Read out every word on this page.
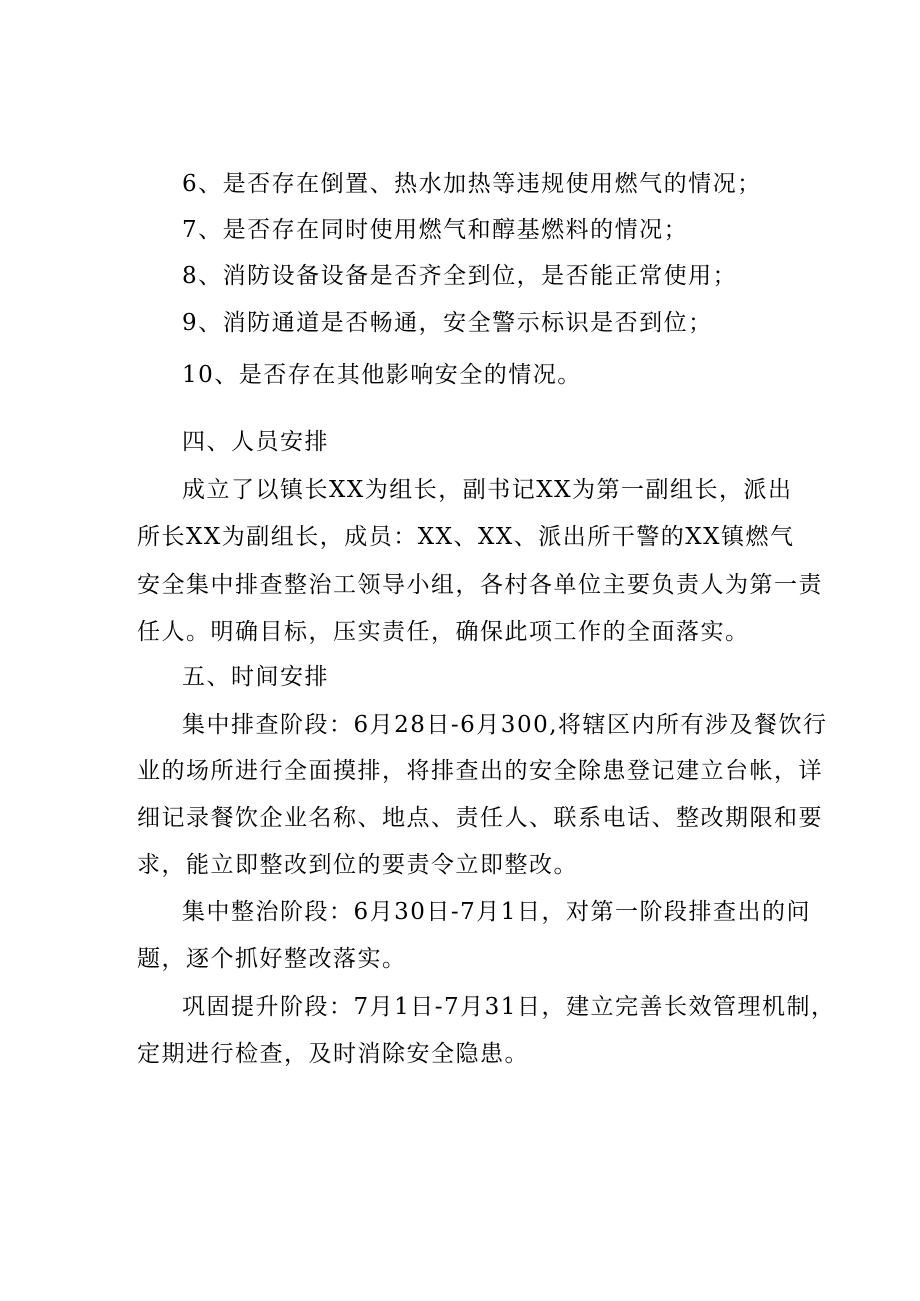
6、是否存在倒置、热水加热等违规使用燃气的情况；

7、是否存在同时使用燃气和醇基燃料的情况；

8、消防设备设备是否齐全到位，是否能正常使用；

9、消防通道是否畅通，安全警示标识是否到位；

10、是否存在其他影响安全的情况。

四、人员安排

成立了以镇长XX为组长，副书记XX为第一副组长，派出

所长XX为副组长，成员：XX、XX、派出所干警的XX镇燃气

安全集中排查整治工领导小组，各村各单位主要负责人为第一责

任人。明确目标，压实责任，确保此项工作的全面落实。

五、时间安排

集中排查阶段：6月28日-6月300,将辖区内所有涉及餐饮行

业的场所进行全面摸排，将排查出的安全除患登记建立台帐，详

细记录餐饮企业名称、地点、责任人、联系电话、整改期限和要

求，能立即整改到位的要责令立即整改。

集中整治阶段：6月30日-7月1日，对第一阶段排查出的问

题，逐个抓好整改落实。

巩固提升阶段：7月1日-7月31日，建立完善长效管理机制，

定期进行检查，及时消除安全隐患。
